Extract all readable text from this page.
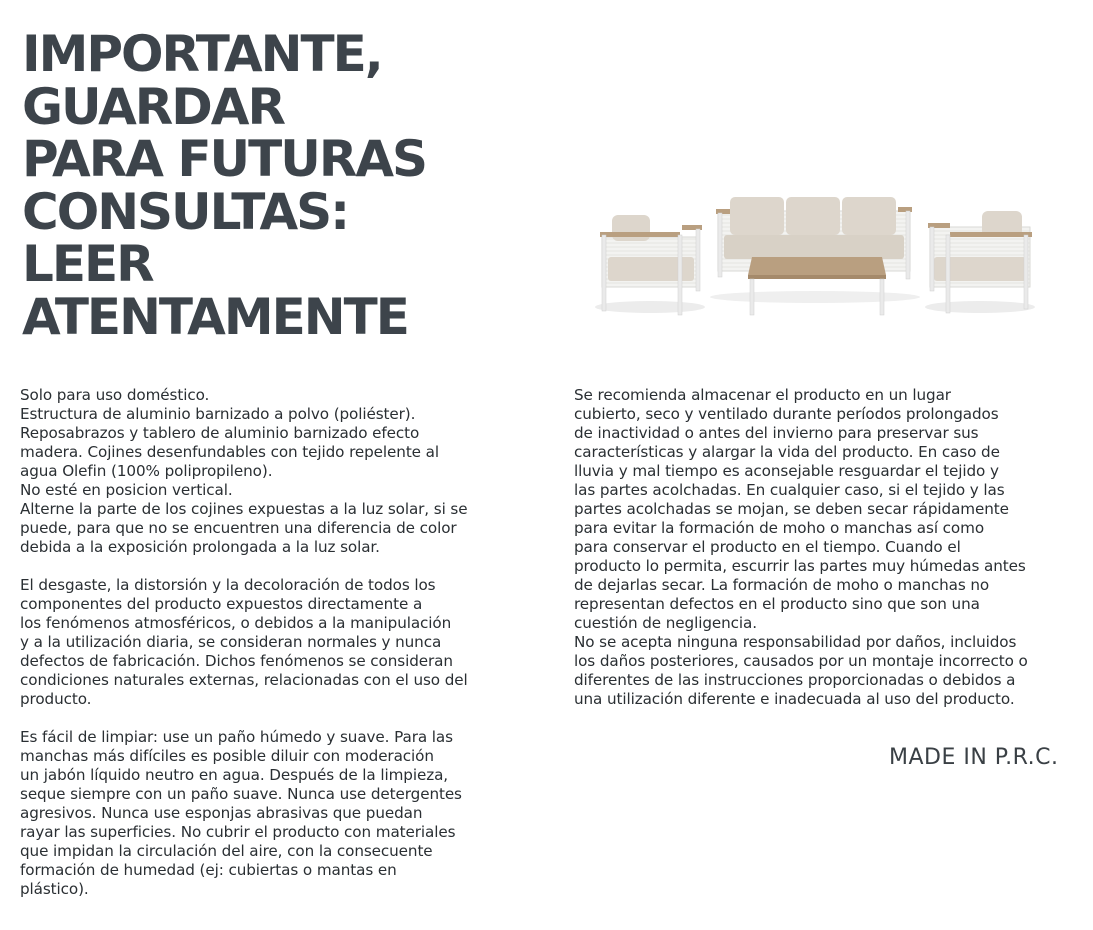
IMPORTANTE,
GUARDAR
PARA FUTURAS
CONSULTAS:
LEER
ATENTAMENTE
Solo para uso doméstico.
Estructura de aluminio barnizado a polvo (poliéster).
Reposabrazos y tablero de aluminio barnizado efecto
madera. Cojines desenfundables con tejido repelente al
agua Olefin (100% polipropileno).
No esté en posicion vertical.
Alterne la parte de los cojines expuestas a la luz solar, si se
puede, para que no se encuentren una diferencia de color
debida a la exposición prolongada a la luz solar.
El desgaste, la distorsión y la decoloración de todos los
componentes del producto expuestos directamente a
los fenómenos atmosféricos, o debidos a la manipulación
y a la utilización diaria, se consideran normales y nunca
defectos de fabricación. Dichos fenómenos se consideran
condiciones naturales externas, relacionadas con el uso del
producto.
Es fácil de limpiar: use un paño húmedo y suave. Para las
manchas más difíciles es posible diluir con moderación
un jabón líquido neutro en agua. Después de la limpieza,
seque siempre con un paño suave. Nunca use detergentes
agresivos. Nunca use esponjas abrasivas que puedan
rayar las superficies. No cubrir el producto con materiales
que impidan la circulación del aire, con la consecuente
formación de humedad (ej: cubiertas o mantas en
plástico).
Se recomienda almacenar el producto en un lugar
cubierto, seco y ventilado durante períodos prolongados
de inactividad o antes del invierno para preservar sus
características y alargar la vida del producto. En caso de
lluvia y mal tiempo es aconsejable resguardar el tejido y
las partes acolchadas. En cualquier caso, si el tejido y las
partes acolchadas se mojan, se deben secar rápidamente
para evitar la formación de moho o manchas así como
para conservar el producto en el tiempo. Cuando el
producto lo permita, escurrir las partes muy húmedas antes
de dejarlas secar. La formación de moho o manchas no
representan defectos en el producto sino que son una
cuestión de negligencia.
No se acepta ninguna responsabilidad por daños, incluidos
los daños posteriores, causados por un montaje incorrecto o
diferentes de las instrucciones proporcionadas o debidos a
una utilización diferente e inadecuada al uso del producto.
MADE IN P.R.C.
